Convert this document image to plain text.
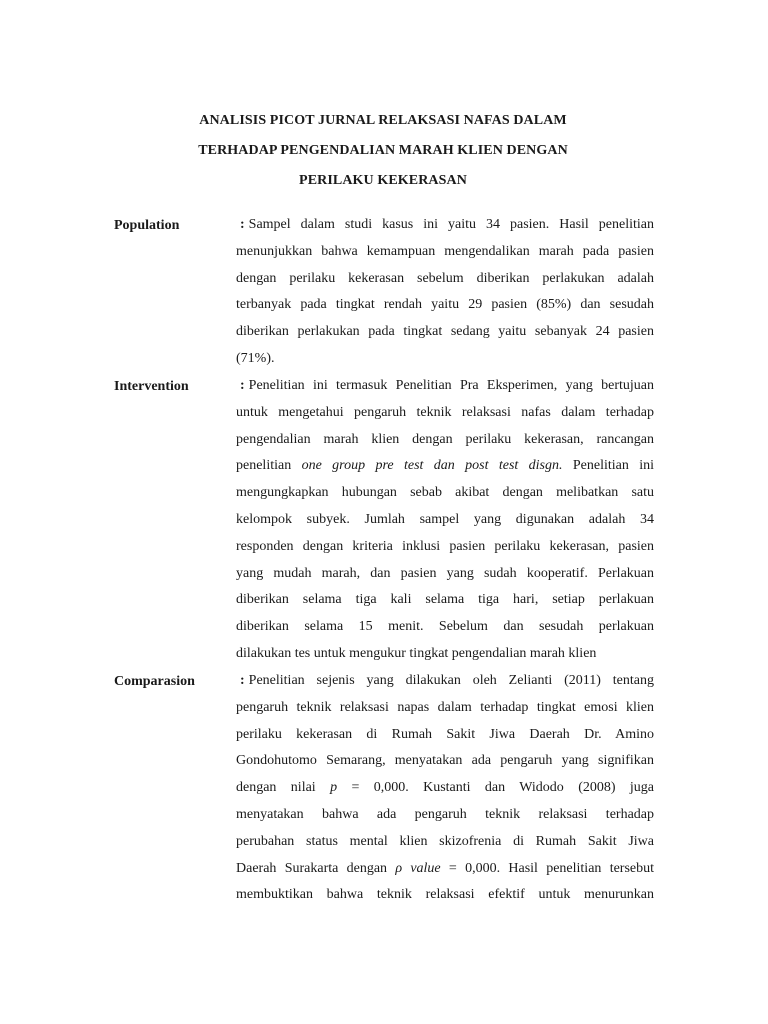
ANALISIS PICOT JURNAL RELAKSASI NAFAS DALAM
TERHADAP PENGENDALIAN MARAH KLIEN DENGAN
PERILAKU KEKERASAN
Population	: Sampel dalam studi kasus ini yaitu 34 pasien. Hasil penelitian
menunjukkan bahwa kemampuan mengendalikan marah pada pasien
dengan perilaku kekerasan sebelum diberikan perlakukan adalah
terbanyak pada tingkat rendah yaitu 29 pasien (85%) dan sesudah
diberikan perlakukan pada tingkat sedang yaitu sebanyak 24 pasien
(71%).
Intervention	: Penelitian ini termasuk Penelitian Pra Eksperimen, yang bertujuan
untuk mengetahui pengaruh teknik relaksasi nafas dalam terhadap
pengendalian marah klien dengan perilaku kekerasan, rancangan
penelitian one group pre test dan post test disgn. Penelitian ini
mengungkapkan hubungan sebab akibat dengan melibatkan satu
kelompok subyek. Jumlah sampel yang digunakan adalah 34
responden dengan kriteria inklusi pasien perilaku kekerasan, pasien
yang mudah marah, dan pasien yang sudah kooperatif. Perlakuan
diberikan selama tiga kali selama tiga hari, setiap perlakuan
diberikan selama 15 menit. Sebelum dan sesudah perlakuan
dilakukan tes untuk mengukur tingkat pengendalian marah klien
Comparasion	: Penelitian sejenis yang dilakukan oleh Zelianti (2011) tentang
pengaruh teknik relaksasi napas dalam terhadap tingkat emosi klien
perilaku kekerasan di Rumah Sakit Jiwa Daerah Dr. Amino
Gondohutomo Semarang, menyatakan ada pengaruh yang signifikan
dengan nilai p = 0,000. Kustanti dan Widodo (2008) juga
menyatakan bahwa ada pengaruh teknik relaksasi terhadap
perubahan status mental klien skizofrenia di Rumah Sakit Jiwa
Daerah Surakarta dengan ρ value = 0,000. Hasil penelitian tersebut
membuktikan bahwa teknik relaksasi efektif untuk menurunkan
